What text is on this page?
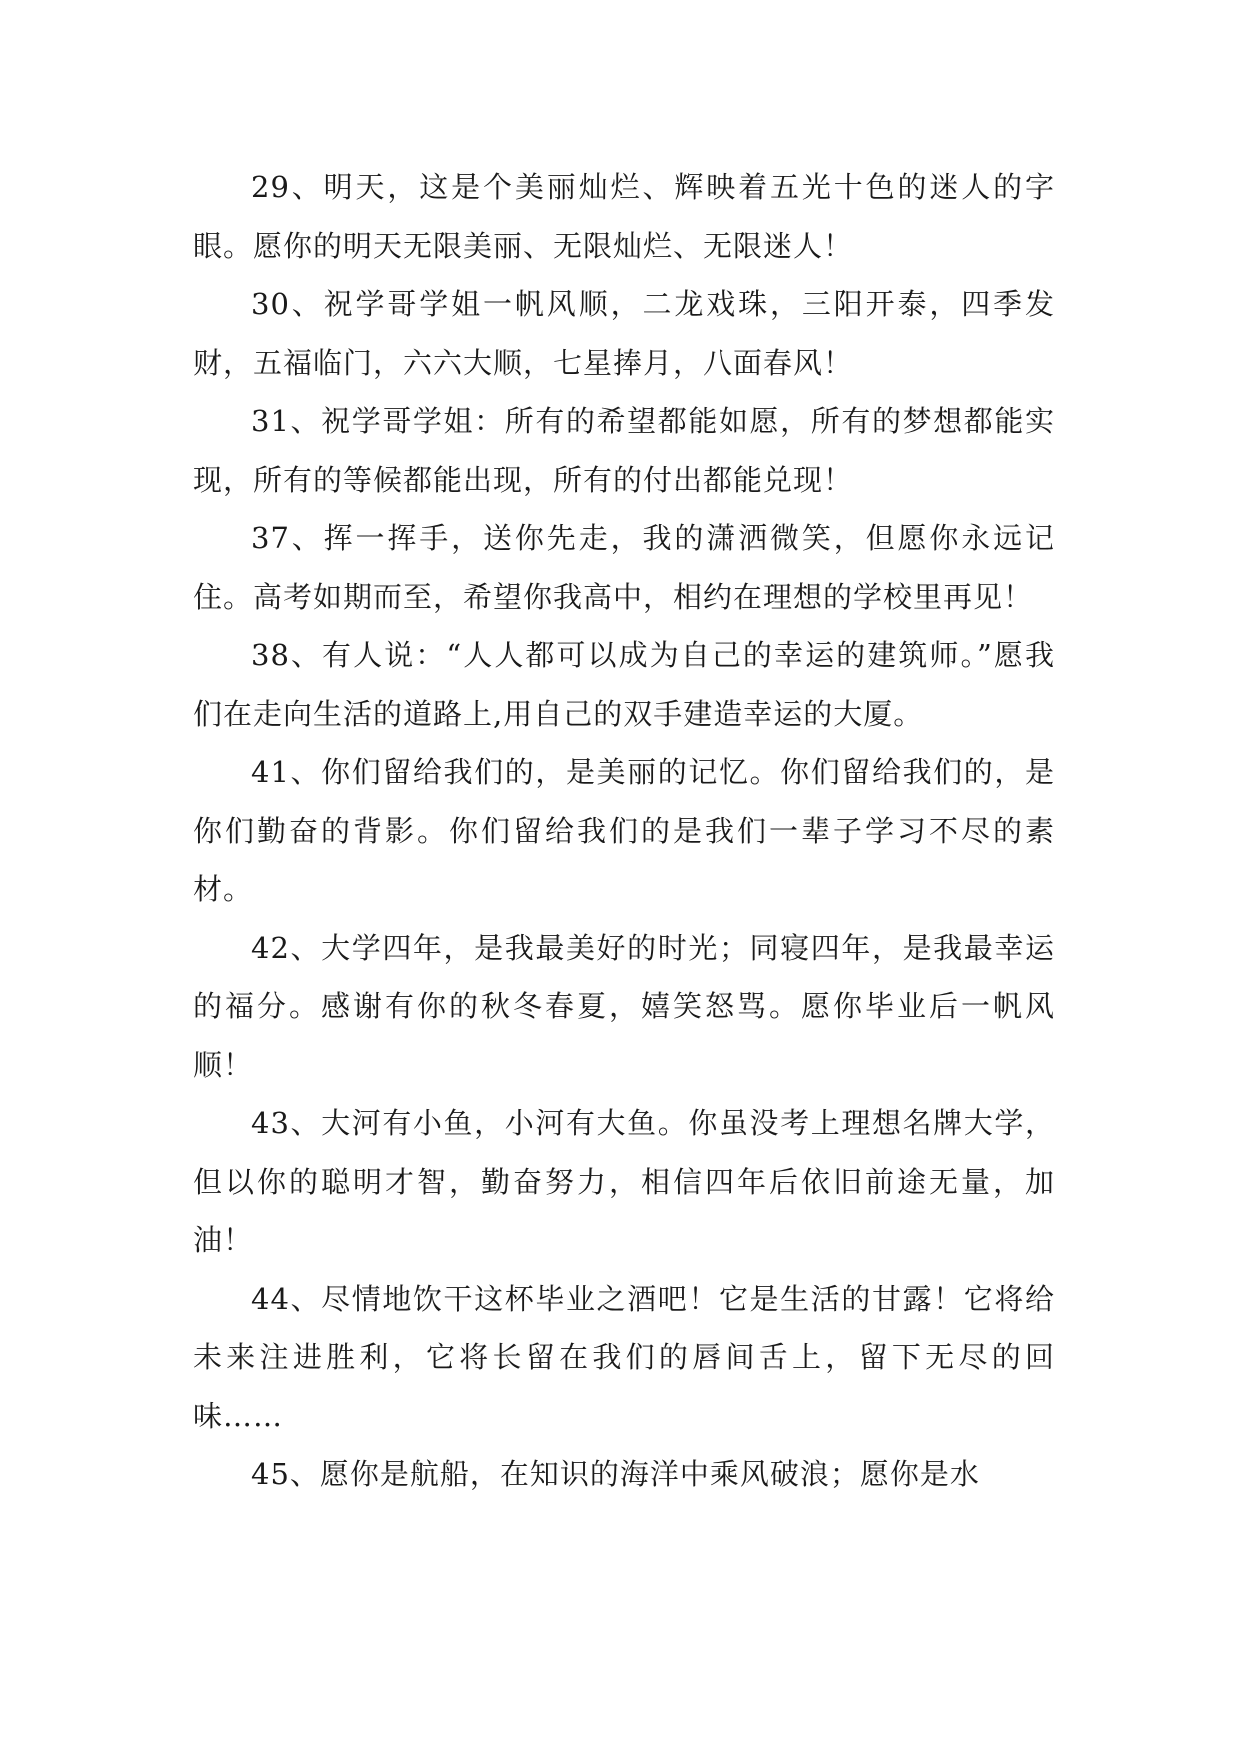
29、明天，这是个美丽灿烂、辉映着五光十色的迷人的字眼。愿你的明天无限美丽、无限灿烂、无限迷人！

30、祝学哥学姐一帆风顺，二龙戏珠，三阳开泰，四季发财，五福临门，六六大顺，七星捧月，八面春风！

31、祝学哥学姐：所有的希望都能如愿，所有的梦想都能实现，所有的等候都能出现，所有的付出都能兑现！

37、挥一挥手，送你先走，我的潇洒微笑，但愿你永远记住。高考如期而至，希望你我高中，相约在理想的学校里再见！

38、有人说：“人人都可以成为自己的幸运的建筑师。”愿我们在走向生活的道路上,用自己的双手建造幸运的大厦。

41、你们留给我们的，是美丽的记忆。你们留给我们的，是你们勤奋的背影。你们留给我们的是我们一辈子学习不尽的素材。

42、大学四年，是我最美好的时光；同寝四年，是我最幸运的福分。感谢有你的秋冬春夏，嬉笑怒骂。愿你毕业后一帆风顺！

43、大河有小鱼，小河有大鱼。你虽没考上理想名牌大学，但以你的聪明才智，勤奋努力，相信四年后依旧前途无量，加油！

44、尽情地饮干这杯毕业之酒吧！它是生活的甘露！它将给未来注进胜利，它将长留在我们的唇间舌上，留下无尽的回味……

45、愿你是航船，在知识的海洋中乘风破浪；愿你是水
